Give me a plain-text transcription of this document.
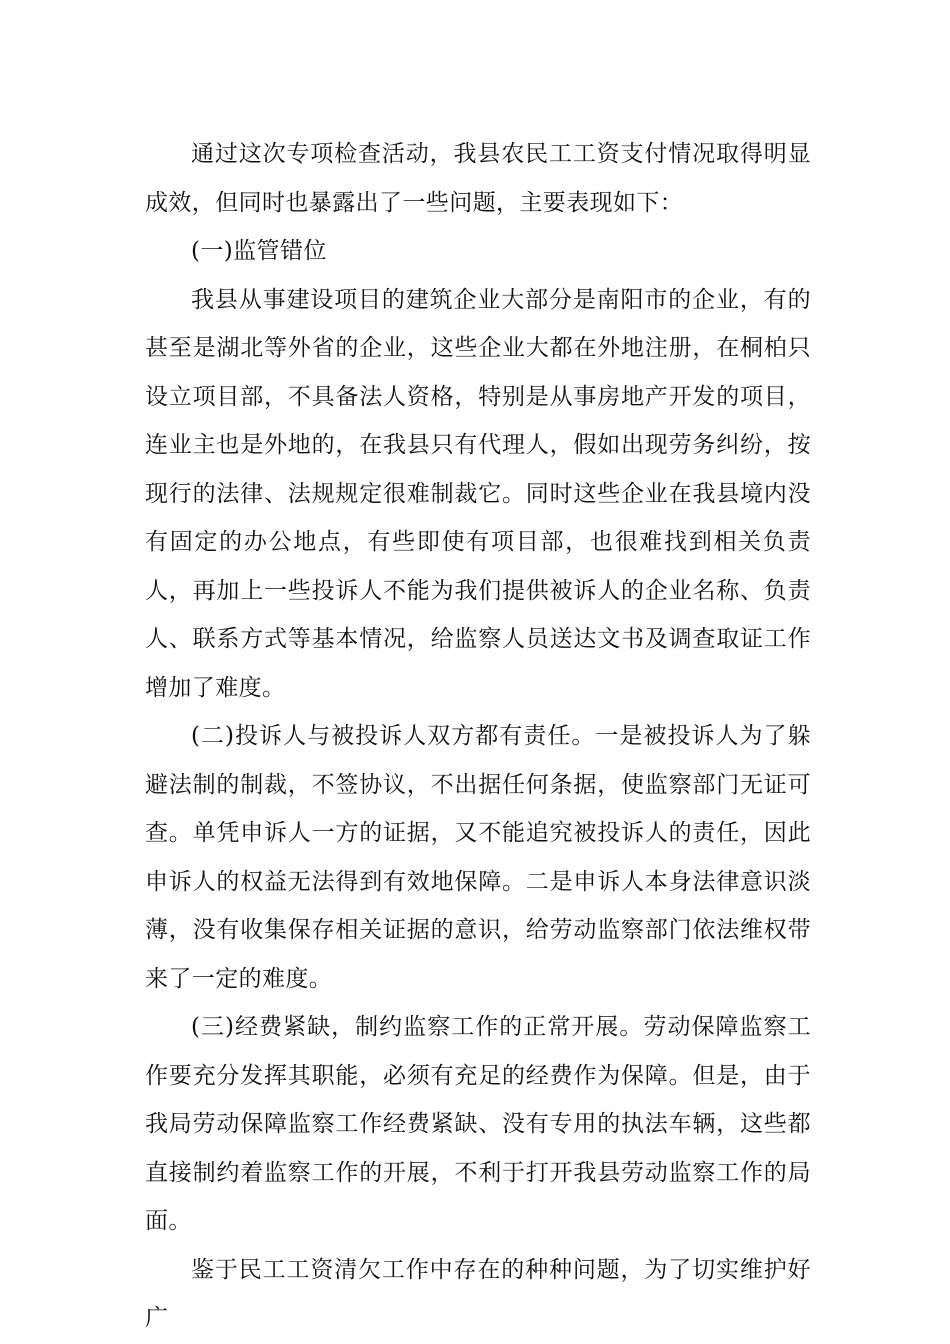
通过这次专项检查活动，我县农民工工资支付情况取得明显成效，但同时也暴露出了一些问题，主要表现如下：

(一)监管错位

我县从事建设项目的建筑企业大部分是南阳市的企业，有的甚至是湖北等外省的企业，这些企业大都在外地注册，在桐柏只设立项目部，不具备法人资格，特别是从事房地产开发的项目，连业主也是外地的，在我县只有代理人，假如出现劳务纠纷，按现行的法律、法规规定很难制裁它。同时这些企业在我县境内没有固定的办公地点，有些即使有项目部，也很难找到相关负责人，再加上一些投诉人不能为我们提供被诉人的企业名称、负责人、联系方式等基本情况，给监察人员送达文书及调查取证工作增加了难度。

(二)投诉人与被投诉人双方都有责任。一是被投诉人为了躲避法制的制裁，不签协议，不出据任何条据，使监察部门无证可查。单凭申诉人一方的证据，又不能追究被投诉人的责任，因此申诉人的权益无法得到有效地保障。二是申诉人本身法律意识淡薄，没有收集保存相关证据的意识，给劳动监察部门依法维权带来了一定的难度。

(三)经费紧缺，制约监察工作的正常开展。劳动保障监察工作要充分发挥其职能，必须有充足的经费作为保障。但是，由于我局劳动保障监察工作经费紧缺、没有专用的执法车辆，这些都直接制约着监察工作的开展，不利于打开我县劳动监察工作的局面。

鉴于民工工资清欠工作中存在的种种问题，为了切实维护好广
